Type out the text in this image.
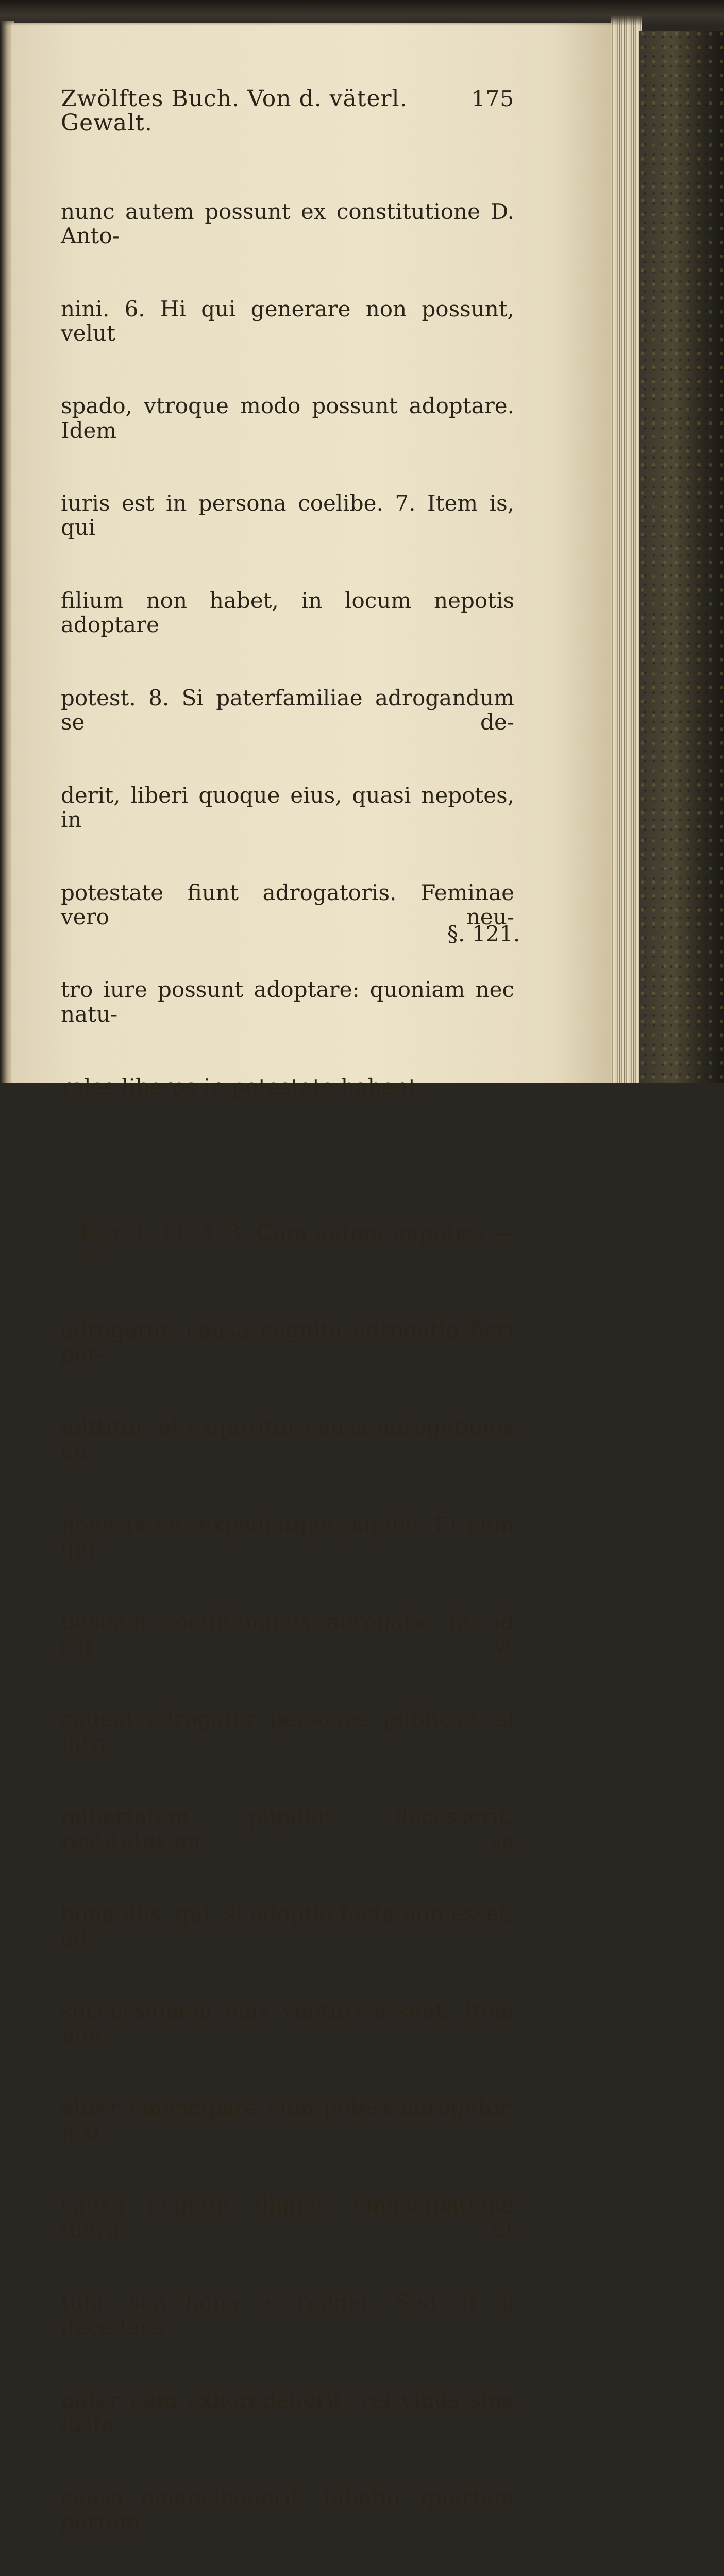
Zwölftes Buch. Von d. väterl. Gewalt.
175

nunc autem possunt ex constitutione D. Anto-

nini. 6. Hi qui generare non possunt, velut

spado, vtroque modo possunt adoptare. Idem

iuris est in persona coelibe. 7. Item is, qui

filium non habet, in locum nepotis adoptare

potest. 8. Si paterfamiliae adrogandum se de-

derit, liberi quoque eius, quasi nepotes, in

potestate fiunt adrogatoris. Feminae vero neu-

tro iure possunt adoptare: quoniam nec natu-

rales liberos in potestate habent.

Inst. I. 11. §. 3. Cum autem impubes — —

adrogatur, causa cognita adrogatio fieri per-

mittitur, et exquiritur causa adrogationis an

honesta sit, expediatque pupillo. Et cum qui-

busdam conditionibus adrogatio fit, id est vt

caueat adrogator personae publicae, si intra

pubertatem pupillus decesserit, restituturum se

bona illis, qui, si adoptio facta non esset, ad

successionem eius venturi essent. Item non

aliter emancipare eum potest adrogator, nisi

causa cognita dignus emancipatione fuerit, et

tunc sua bona ei reddat. Sed et si decedens

pater eum exheredauerit, vel viuus sine iusta

causa emancipauerit, iubetur quartam partem

§. 121.
